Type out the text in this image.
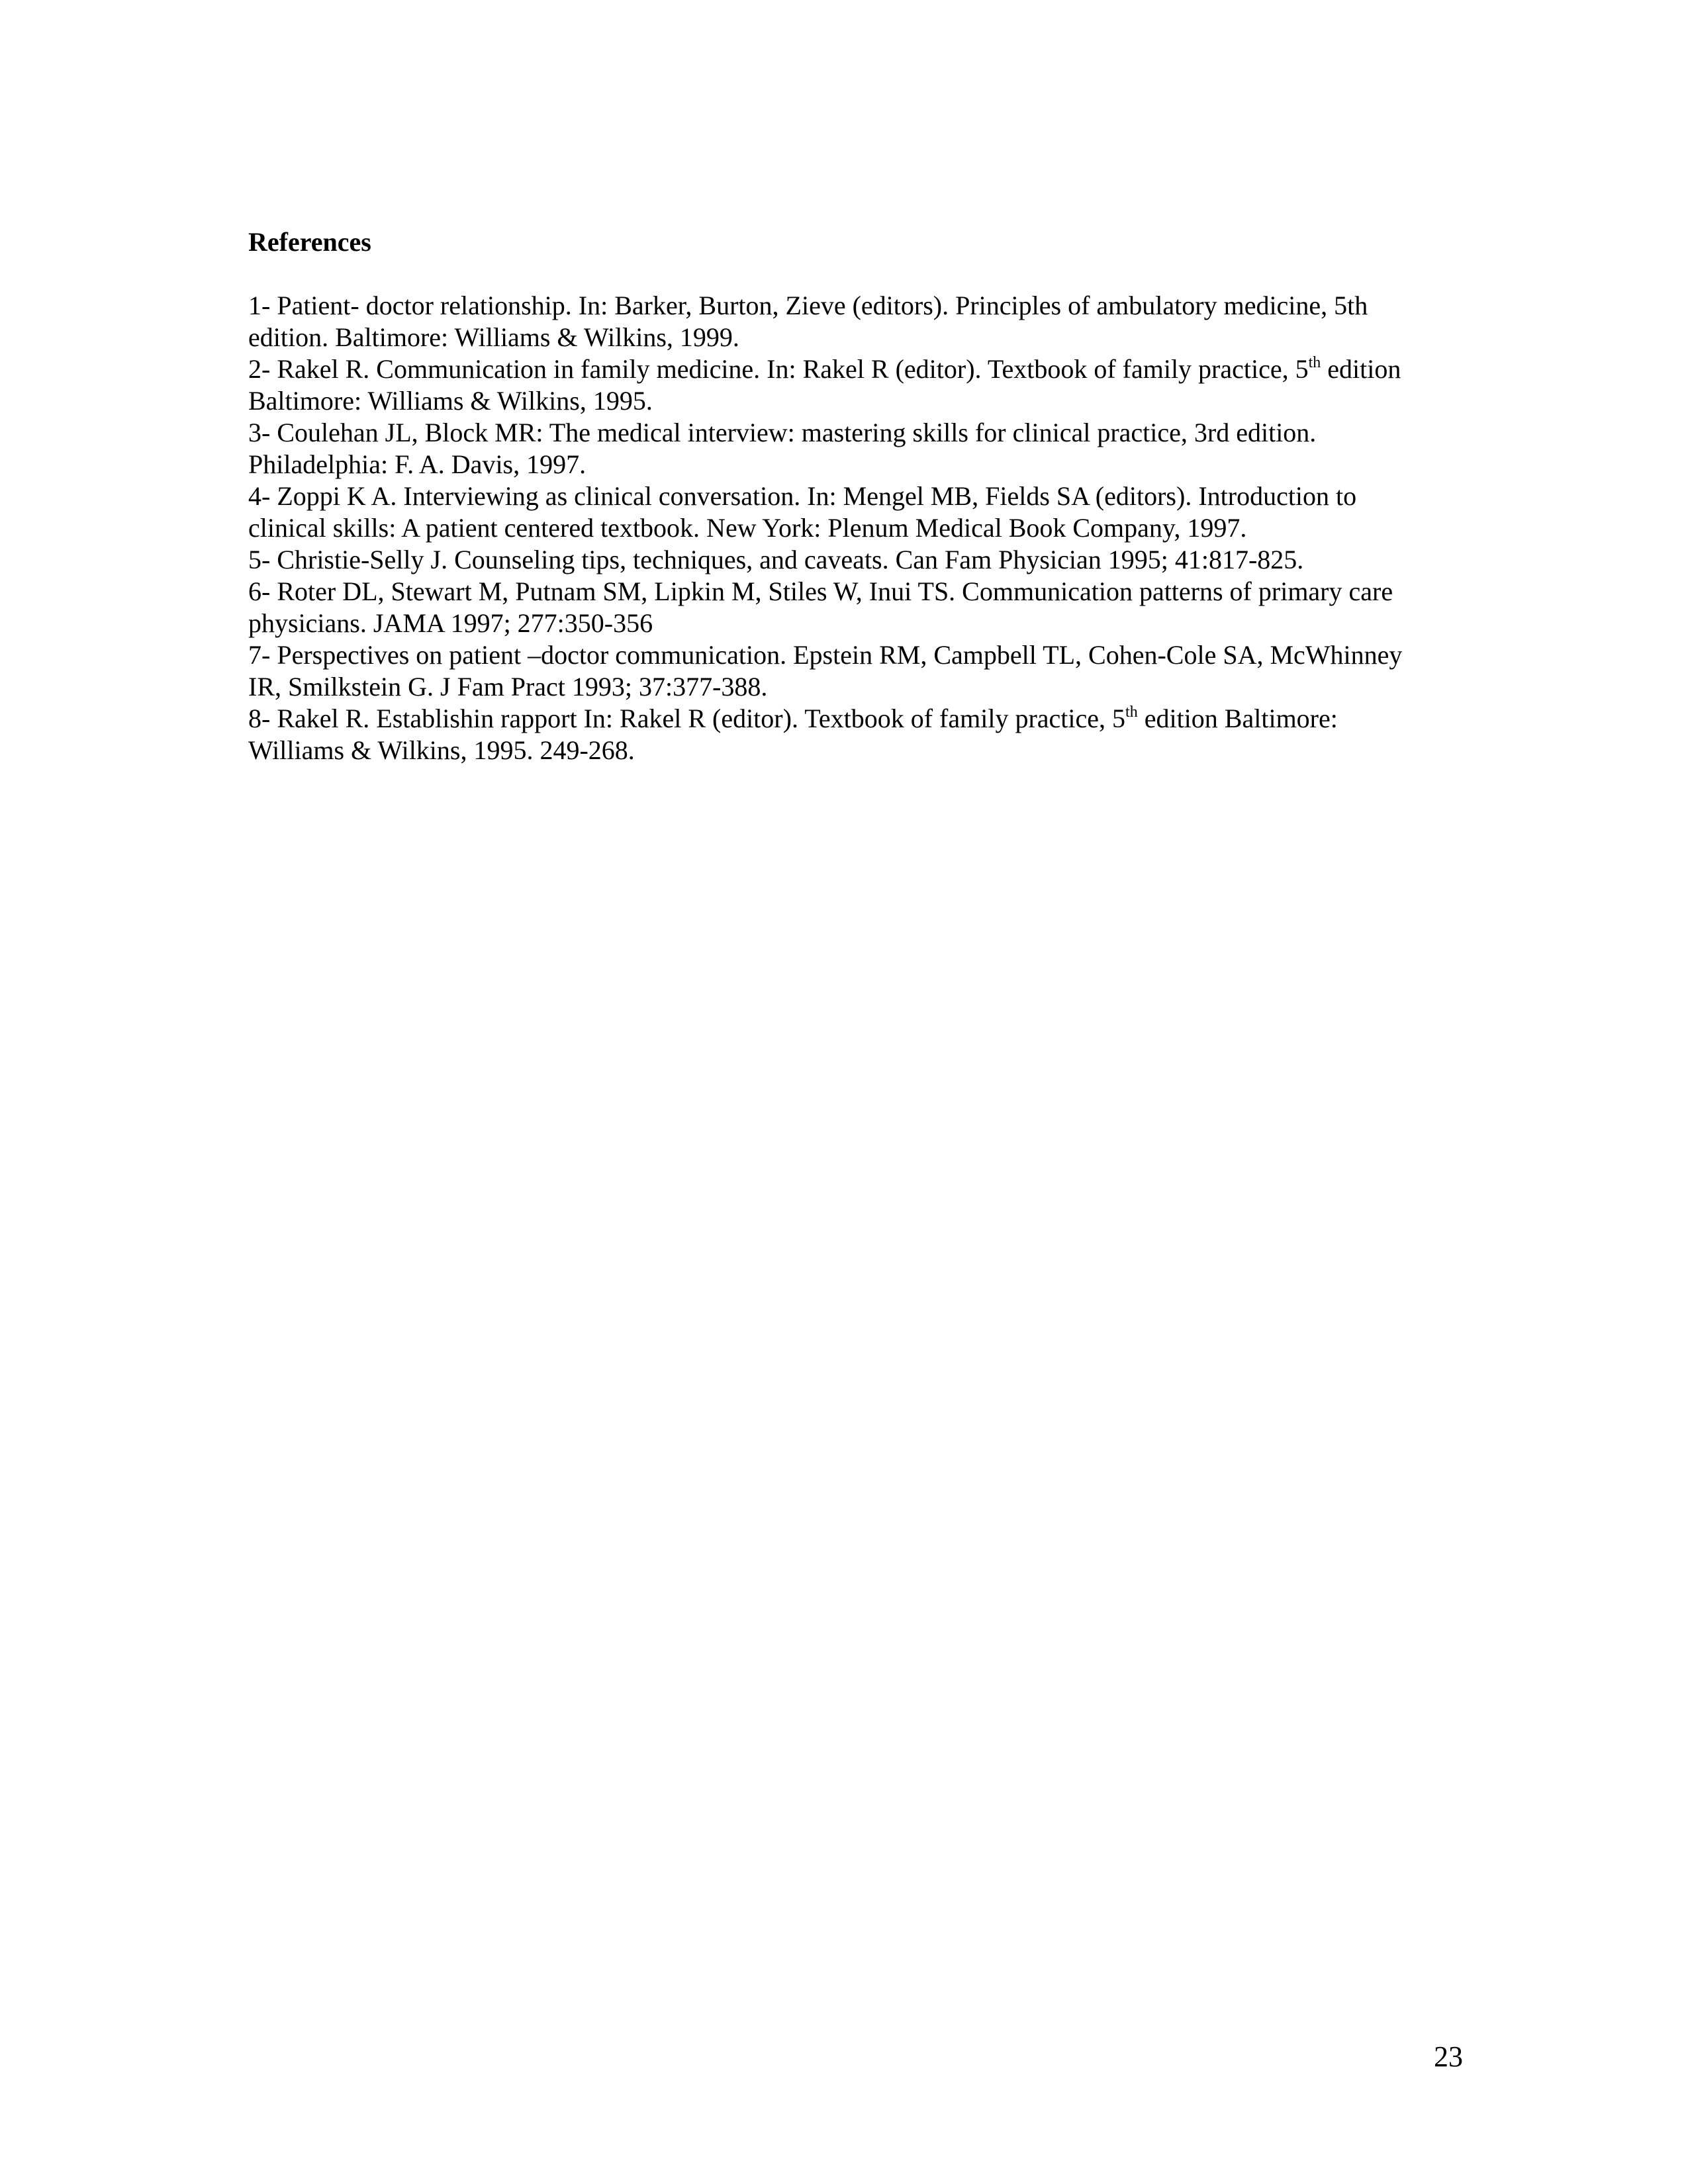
References

1- Patient- doctor relationship. In: Barker, Burton, Zieve (editors). Principles of ambulatory medicine, 5th edition. Baltimore: Williams & Wilkins, 1999.

2- Rakel R. Communication in family medicine. In: Rakel R (editor). Textbook of family practice, 5th edition Baltimore: Williams & Wilkins, 1995.

3- Coulehan JL, Block MR: The medical interview: mastering skills for clinical practice, 3rd edition. Philadelphia: F. A. Davis, 1997.

4- Zoppi K A. Interviewing as clinical conversation. In: Mengel MB, Fields SA (editors). Introduction to clinical skills: A patient centered textbook. New York: Plenum Medical Book Company, 1997.

5- Christie-Selly J. Counseling tips, techniques, and caveats. Can Fam Physician 1995; 41:817-825.

6- Roter DL, Stewart M, Putnam SM, Lipkin M, Stiles W, Inui TS. Communication patterns of primary care physicians. JAMA 1997; 277:350-356

7- Perspectives on patient –doctor communication. Epstein RM, Campbell TL, Cohen-Cole SA, McWhinney IR, Smilkstein G. J Fam Pract 1993; 37:377-388.

8- Rakel R. Establishin rapport In: Rakel R (editor). Textbook of family practice, 5th edition Baltimore: Williams & Wilkins, 1995. 249-268.

23
